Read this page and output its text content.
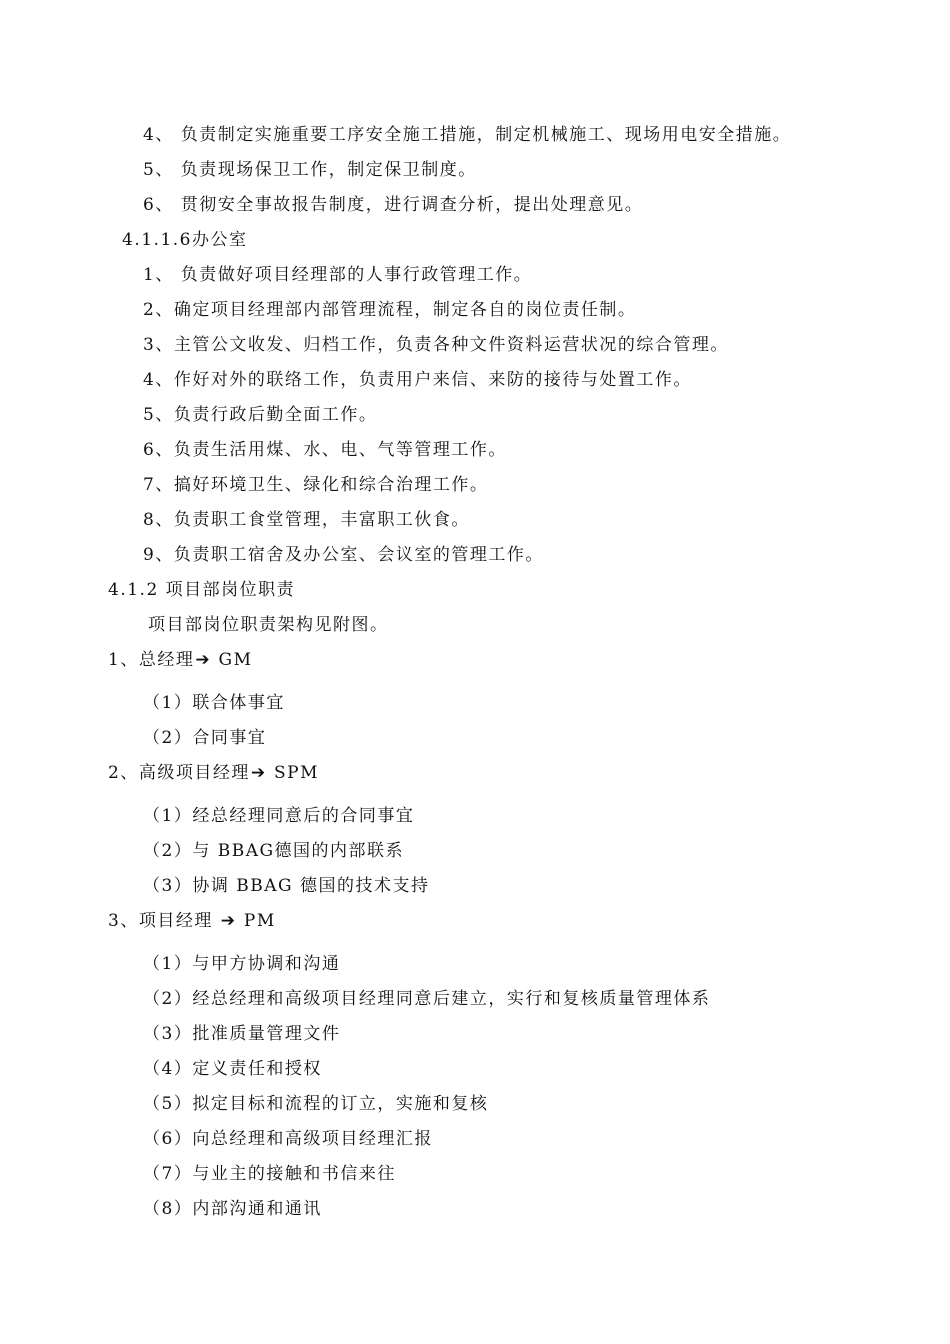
4、 负责制定实施重要工序安全施工措施，制定机械施工、现场用电安全措施。
5、 负责现场保卫工作，制定保卫制度。
6、 贯彻安全事故报告制度，进行调查分析，提出处理意见。
4.1.1.6办公室
1、 负责做好项目经理部的人事行政管理工作。
2、确定项目经理部内部管理流程，制定各自的岗位责任制。
3、主管公文收发、归档工作，负责各种文件资料运营状况的综合管理。
4、作好对外的联络工作，负责用户来信、来防的接待与处置工作。
5、负责行政后勤全面工作。
6、负责生活用煤、水、电、气等管理工作。
7、搞好环境卫生、绿化和综合治理工作。
8、负责职工食堂管理，丰富职工伙食。
9、负责职工宿舍及办公室、会议室的管理工作。
4.1.2 项目部岗位职责
项目部岗位职责架构见附图。
1、总经理➔ GM
（1）联合体事宜
（2）合同事宜
2、高级项目经理➔ SPM
（1）经总经理同意后的合同事宜
（2）与 BBAG德国的内部联系
（3）协调 BBAG 德国的技术支持
3、项目经理 ➔ PM
（1）与甲方协调和沟通
（2）经总经理和高级项目经理同意后建立，实行和复核质量管理体系
（3）批准质量管理文件
（4）定义责任和授权
（5）拟定目标和流程的订立，实施和复核
（6）向总经理和高级项目经理汇报
（7）与业主的接触和书信来往
（8）内部沟通和通讯
